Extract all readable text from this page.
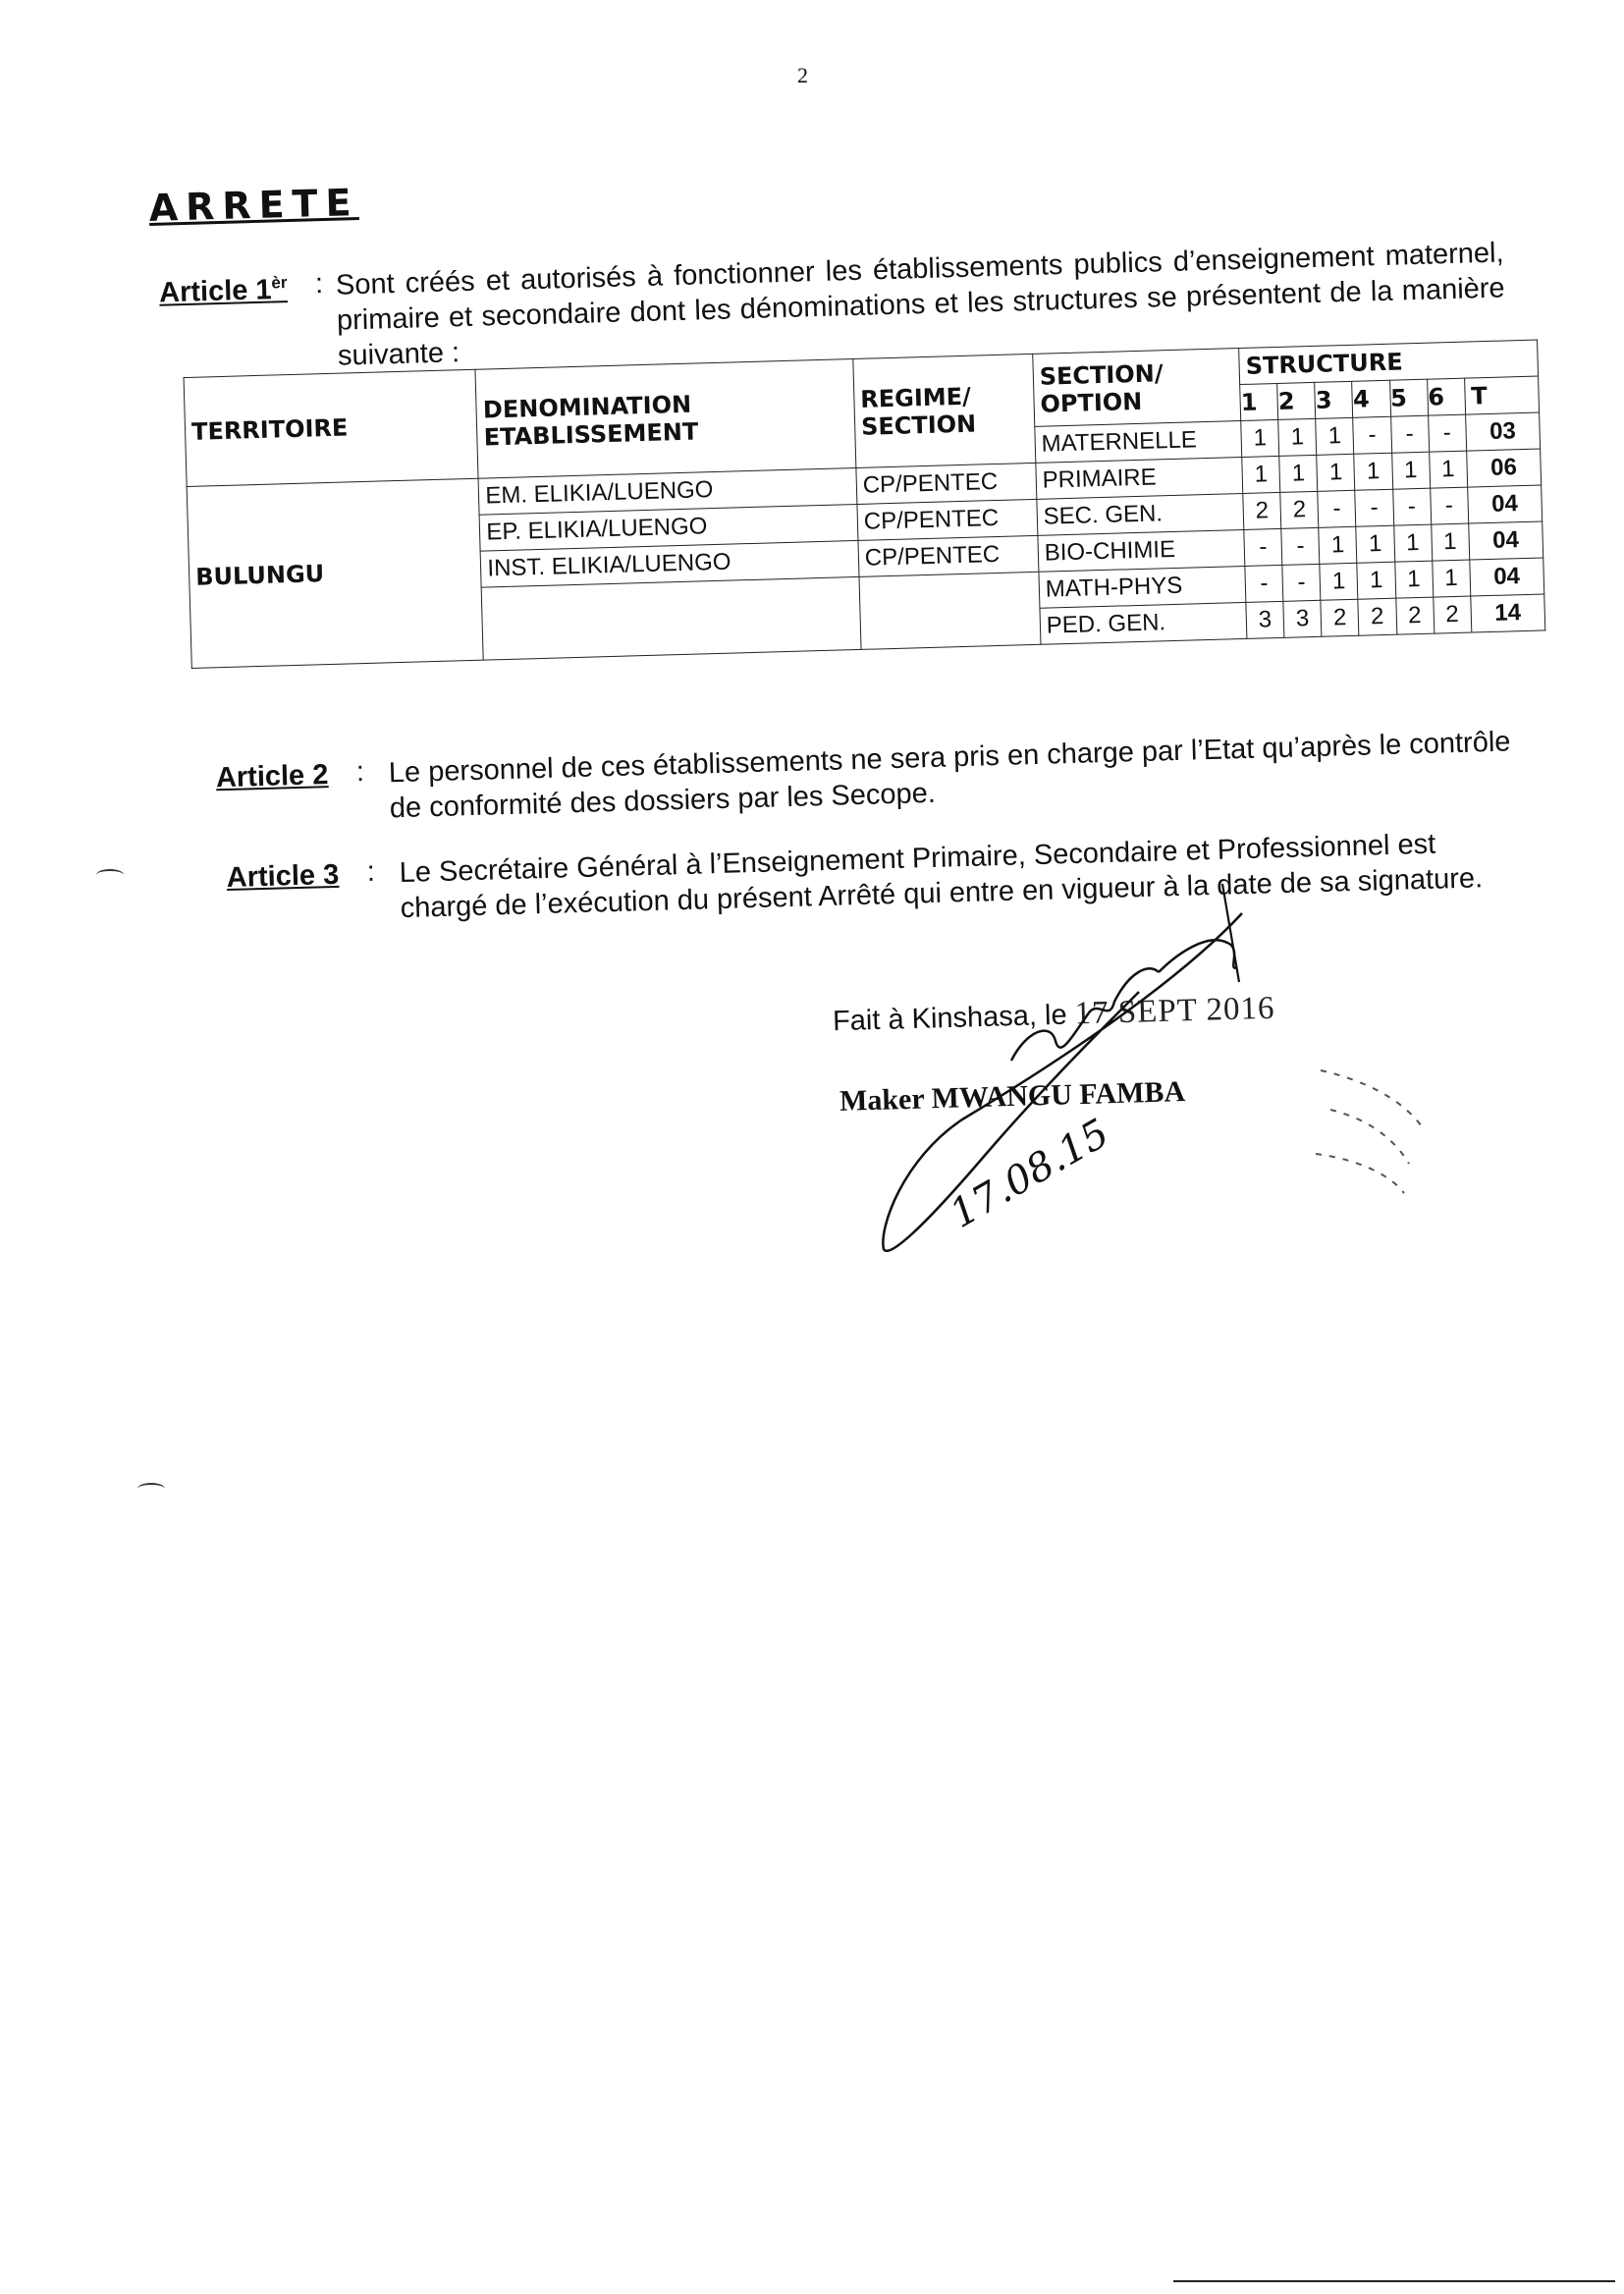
2
ARRETE
Article $1^{èr}$ : Sont créés et autorisés à fonctionner les établissements publics d’enseignement maternel, primaire et secondaire dont les dénominations et les structures se présentent de la manière suivante :
TERRITOIRE	DENOMINATION ETABLISSEMENT	REGIME/ SECTION	SECTION/ OPTION	STRUCTURE						
				1	2	3	4	5	6	T
			MATERNELLE	1	1	1	-	-	-	03
BULUNGU	EM. ELIKIA/LUENGO	CP/PENTEC	PRIMAIRE	1	1	1	1	1	1	06
	EP. ELIKIA/LUENGO	CP/PENTEC	SEC. GEN.	2	2	-	-	-	-	04
	INST. ELIKIA/LUENGO	CP/PENTEC	BIO-CHIMIE	-	-	1	1	1	1	04
			MATH-PHYS	-	-	1	1	1	1	04
			PED. GEN.	3	3	2	2	2	2	14
Article 2 : Le personnel de ces établissements ne sera pris en charge par l’Etat qu’après le contrôle de conformité des dossiers par les Secope.
Article 3 : Le Secrétaire Général à l’Enseignement Primaire, Secondaire et Professionnel est chargé de l’exécution du présent Arrêté qui entre en vigueur à la date de sa signature.
Fait à Kinshasa, le 17 SEPT 2016
Maker MWANGU FAMBA
17.08.15
